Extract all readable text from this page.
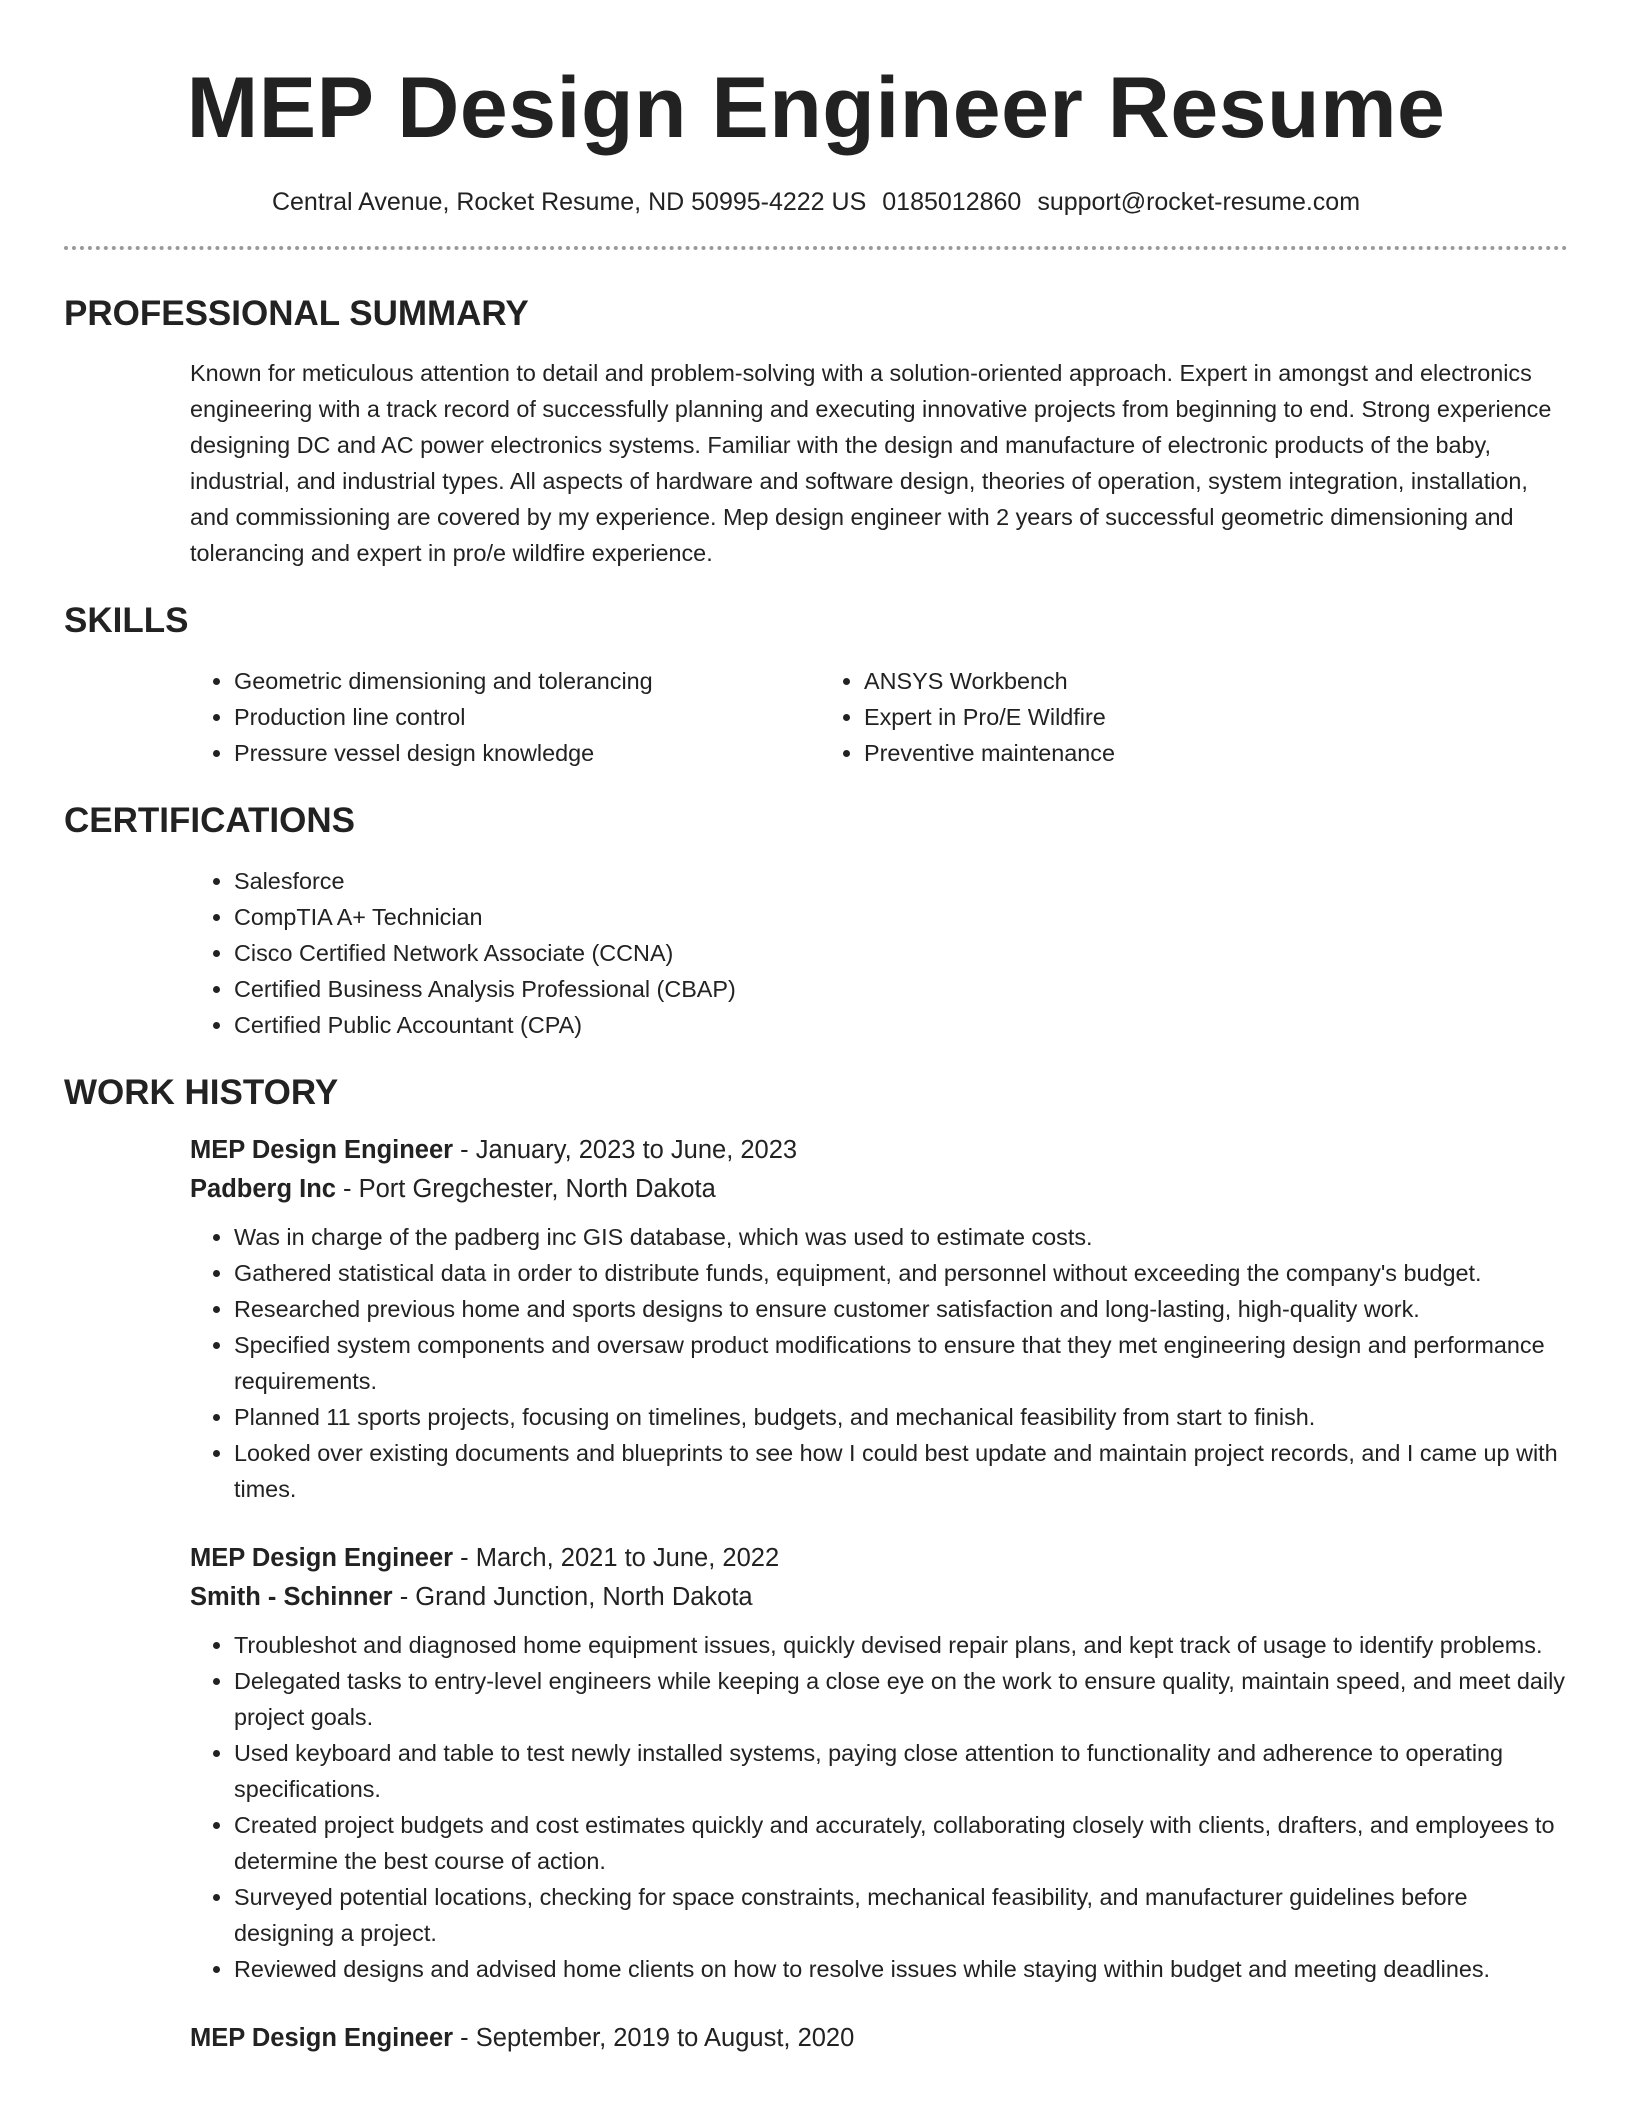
MEP Design Engineer Resume
Central Avenue, Rocket Resume, ND 50995-4222 US 0185012860 support@rocket-resume.com
PROFESSIONAL SUMMARY
Known for meticulous attention to detail and problem-solving with a solution-oriented approach. Expert in amongst and electronics engineering with a track record of successfully planning and executing innovative projects from beginning to end. Strong experience designing DC and AC power electronics systems. Familiar with the design and manufacture of electronic products of the baby, industrial, and industrial types. All aspects of hardware and software design, theories of operation, system integration, installation, and commissioning are covered by my experience. Mep design engineer with 2 years of successful geometric dimensioning and tolerancing and expert in pro/e wildfire experience.
SKILLS
• Geometric dimensioning and tolerancing
• Production line control
• Pressure vessel design knowledge
• ANSYS Workbench
• Expert in Pro/E Wildfire
• Preventive maintenance
CERTIFICATIONS
• Salesforce
• CompTIA A+ Technician
• Cisco Certified Network Associate (CCNA)
• Certified Business Analysis Professional (CBAP)
• Certified Public Accountant (CPA)
WORK HISTORY
MEP Design Engineer - January, 2023 to June, 2023
Padberg Inc - Port Gregchester, North Dakota
• Was in charge of the padberg inc GIS database, which was used to estimate costs.
• Gathered statistical data in order to distribute funds, equipment, and personnel without exceeding the company's budget.
• Researched previous home and sports designs to ensure customer satisfaction and long-lasting, high-quality work.
• Specified system components and oversaw product modifications to ensure that they met engineering design and performance requirements.
• Planned 11 sports projects, focusing on timelines, budgets, and mechanical feasibility from start to finish.
• Looked over existing documents and blueprints to see how I could best update and maintain project records, and I came up with times.
MEP Design Engineer - March, 2021 to June, 2022
Smith - Schinner - Grand Junction, North Dakota
• Troubleshot and diagnosed home equipment issues, quickly devised repair plans, and kept track of usage to identify problems.
• Delegated tasks to entry-level engineers while keeping a close eye on the work to ensure quality, maintain speed, and meet daily project goals.
• Used keyboard and table to test newly installed systems, paying close attention to functionality and adherence to operating specifications.
• Created project budgets and cost estimates quickly and accurately, collaborating closely with clients, drafters, and employees to determine the best course of action.
• Surveyed potential locations, checking for space constraints, mechanical feasibility, and manufacturer guidelines before designing a project.
• Reviewed designs and advised home clients on how to resolve issues while staying within budget and meeting deadlines.
MEP Design Engineer - September, 2019 to August, 2020
